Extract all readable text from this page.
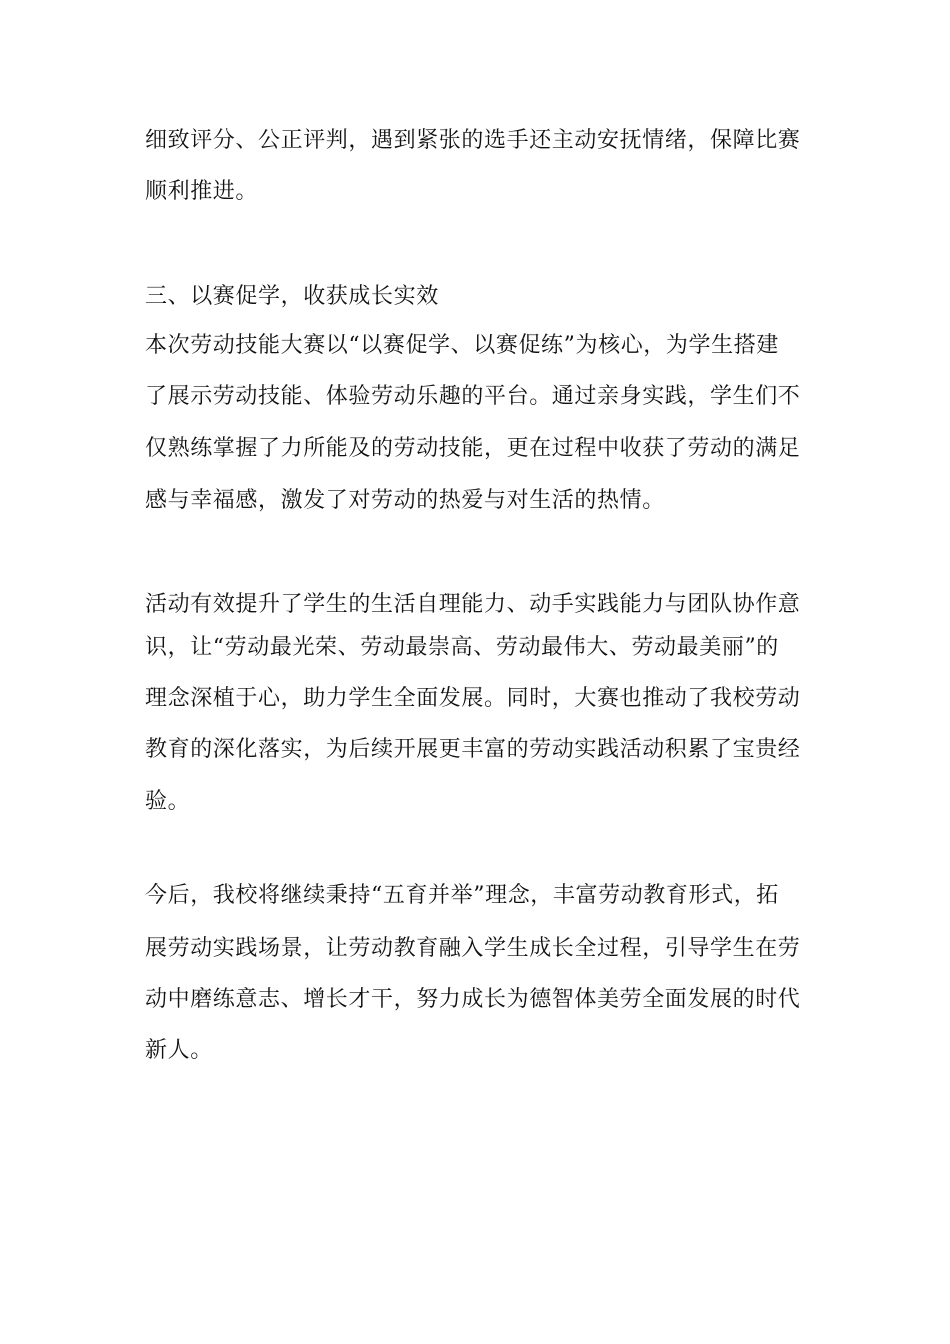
细致评分、公正评判，遇到紧张的选手还主动安抚情绪，保障比赛
顺利推进。
三、以赛促学，收获成长实效
本次劳动技能大赛以“以赛促学、以赛促练”为核心，为学生搭建
了展示劳动技能、体验劳动乐趣的平台。通过亲身实践，学生们不
仅熟练掌握了力所能及的劳动技能，更在过程中收获了劳动的满足
感与幸福感，激发了对劳动的热爱与对生活的热情。
活动有效提升了学生的生活自理能力、动手实践能力与团队协作意
识，让“劳动最光荣、劳动最崇高、劳动最伟大、劳动最美丽”的
理念深植于心，助力学生全面发展。同时，大赛也推动了我校劳动
教育的深化落实，为后续开展更丰富的劳动实践活动积累了宝贵经
验。
今后，我校将继续秉持“五育并举”理念，丰富劳动教育形式，拓
展劳动实践场景，让劳动教育融入学生成长全过程，引导学生在劳
动中磨练意志、增长才干，努力成长为德智体美劳全面发展的时代
新人。
